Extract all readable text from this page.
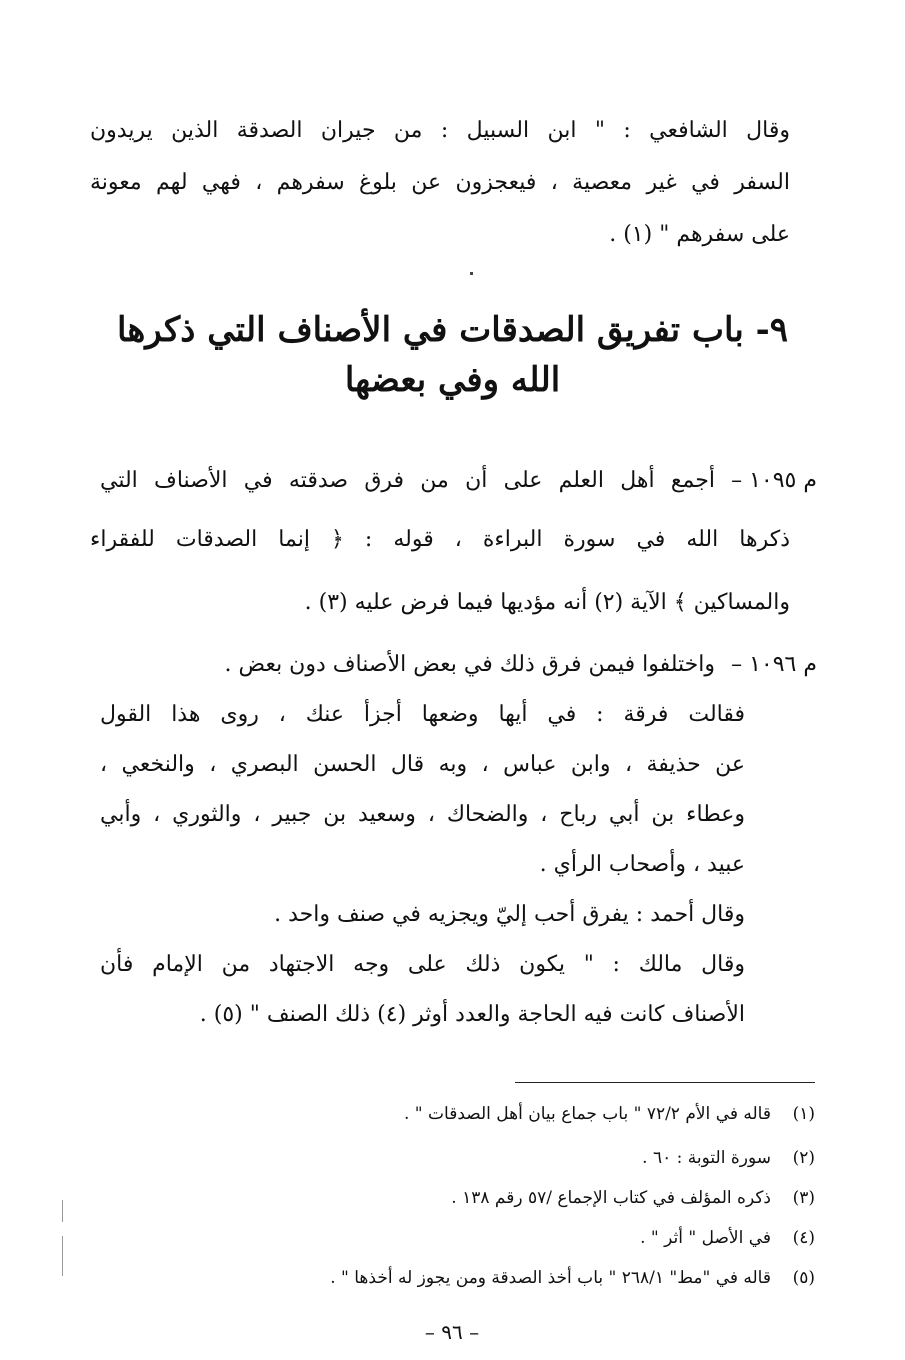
وقال الشافعي : " ابن السبيل : من جيران الصدقة الذين يريدون
السفر في غير معصية ، فيعجزون عن بلوغ سفرهم ، فهي لهم معونة
على سفرهم " (١) .
٩- باب تفريق الصدقات في الأصناف التي ذكرها
الله وفي بعضها
م ١٠٩٥ –
أجمع أهل العلم على أن من فرق صدقته في الأصناف التي
ذكرها الله في سورة البراءة ، قوله : ﴿ إنما الصدقات للفقراء
والمساكين ﴾ الآية (٢) أنه مؤديها فيما فرض عليه (٣) .
م ١٠٩٦ –
واختلفوا فيمن فرق ذلك في بعض الأصناف دون بعض .
فقالت فرقة : في أيها وضعها أجزأ عنك ، روى هذا القول
عن حذيفة ، وابن عباس ، وبه قال الحسن البصري ، والنخعي ،
وعطاء بن أبي رباح ، والضحاك ، وسعيد بن جبير ، والثوري ، وأبي
عبيد ، وأصحاب الرأي .
وقال أحمد : يفرق أحب إليّ ويجزيه في صنف واحد .
وقال مالك : " يكون ذلك على وجه الاجتهاد من الإمام فأن
الأصناف كانت فيه الحاجة والعدد أوثر (٤) ذلك الصنف " (٥) .
(١)قاله في الأم ٧٢/٢ " باب جماع بيان أهل الصدقات " .
(٢)سورة التوبة : ٦٠ .
(٣)ذكره المؤلف في كتاب الإجماع /٥٧ رقم ١٣٨ .
(٤)في الأصل " أثر " .
(٥)قاله في "مط" ٢٦٨/١ " باب أخذ الصدقة ومن يجوز له أخذها " .
– ٩٦ –
